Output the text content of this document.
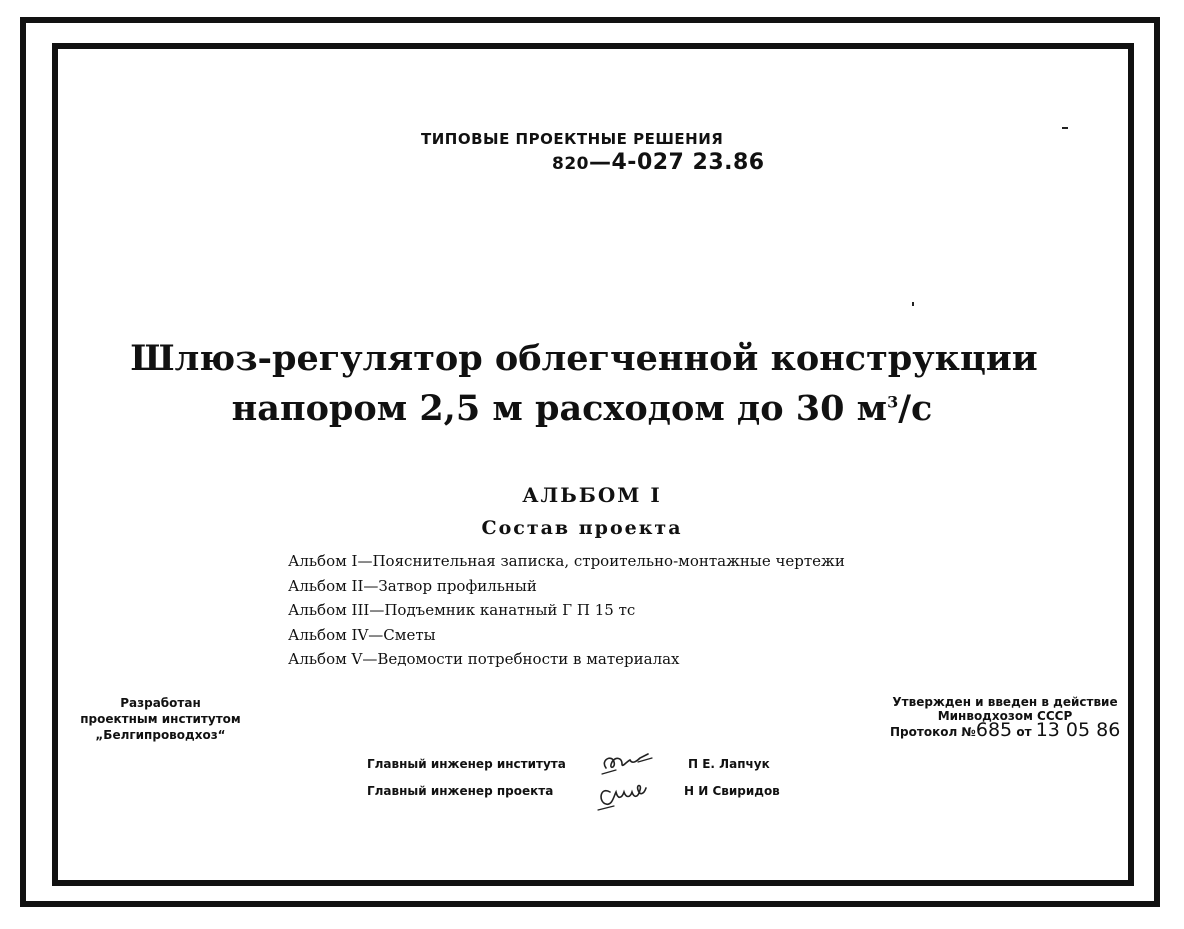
ТИПОВЫЕ ПРОЕКТНЫЕ РЕШЕНИЯ
820—4-027 23.86
Шлюз-регулятор облегченной конструкции
напором 2,5 м расходом до 30 $м^3/с$
АЛЬБОМ I
Состав проекта
Альбом I—Пояснительная записка, строительно-монтажные чертежи
Альбом II—Затвор профильный
Альбом III—Подъемник канатный Г П 15 тс
Альбом IV—Сметы
Альбом V—Ведомости потребности в материалах
Разработан
проектным институтом
„Белгипроводхоз“
Утвержден и введен в действие
Минводхозом СССР
Протокол №685 от 13 05 86
Главный инженер института
Главный инженер проекта
П Е. Лапчук
Н И Свиридов
